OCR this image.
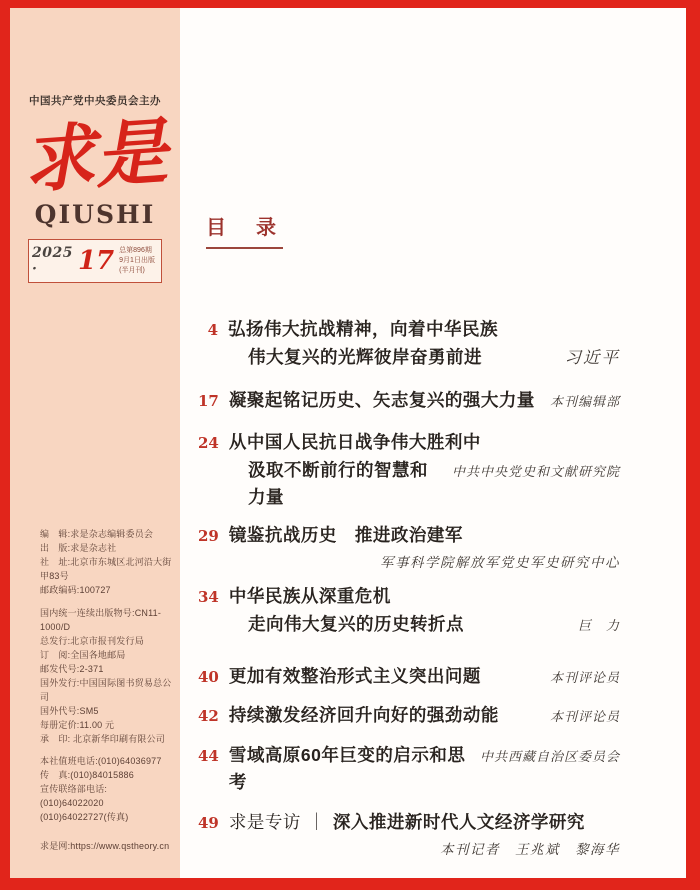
中国共产党中央委员会主办
求是
QIUSHI
2025 ·	17 总第896期
9月1日出版(半月刊)
编　辑:求是杂志编辑委员会
出　版:求是杂志社
社　址:北京市东城区北河沿大街甲83号
邮政编码:100727
国内统一连续出版物号:CN11-1000/D
总发行:北京市报刊发行局
订　阅:全国各地邮局
邮发代号:2-371
国外发行:中国国际图书贸易总公司
国外代号:SM5
每册定价:11.00 元
承　印: 北京新华印刷有限公司
本社值班电话:(010)64036977
传　真:(010)84015886
宣传联络部电话:
(010)64022020
(010)64022727(传真)
求是网:https://www.qstheory.cn
目　录
4 弘扬伟大抗战精神，向着中华民族
伟大复兴的光辉彼岸奋勇前进	习近平
17 凝聚起铭记历史、矢志复兴的强大力量	本刊编辑部
24 从中国人民抗日战争伟大胜利中
汲取不断前行的智慧和力量
中共中央党史和文献研究院
29 镜鉴抗战历史　推进政治建军
军事科学院解放军党史军史研究中心
34 中华民族从深重危机
走向伟大复兴的历史转折点	巨　力
40 更加有效整治形式主义突出问题	本刊评论员
42 持续激发经济回升向好的强劲动能	本刊评论员
44 雪域高原60年巨变的启示和思考
中共西藏自治区委员会
49 求是专访 ｜ 深入推进新时代人文经济学研究
本刊记者　王兆斌　黎海华
